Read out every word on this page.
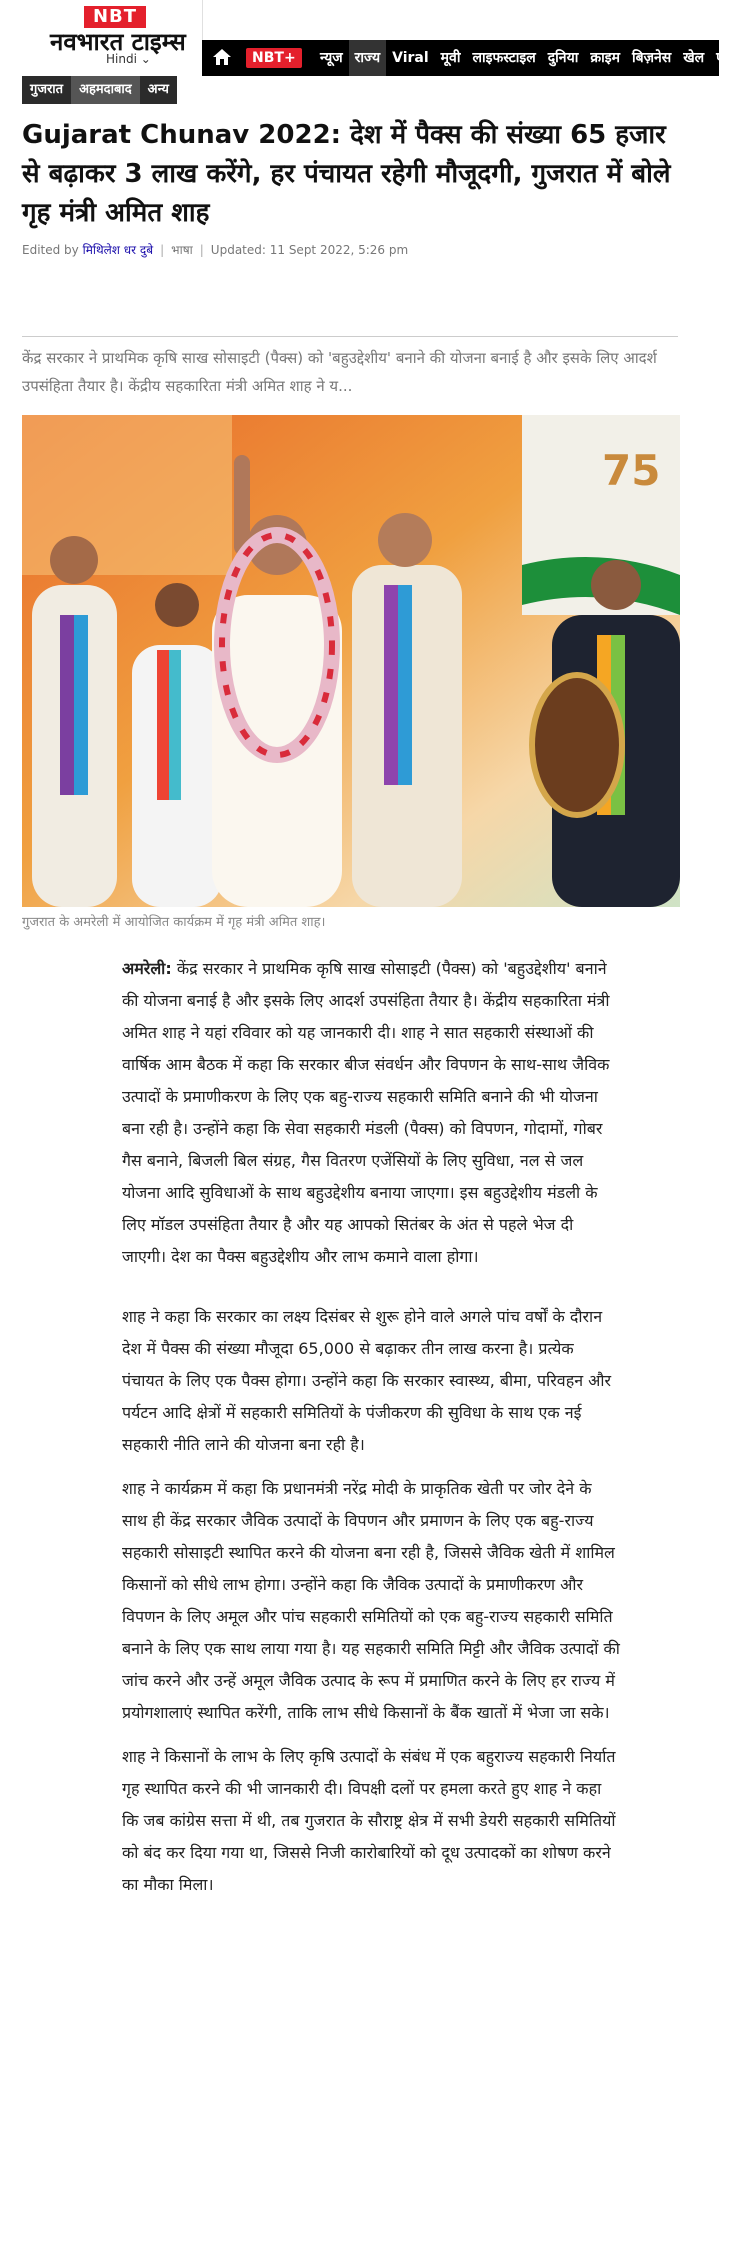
NBT
नवभारत टाइम्स
Hindi ⌄	NBT+	न्यूज राज्य Viral मूवी लाइफस्टाइल दुनिया क्राइम बिज़नेस खेल ए
गुजरात	अहमदाबाद	अन्य
Gujarat Chunav 2022: देश में पैक्स की संख्या 65 हजार से बढ़ाकर 3 लाख करेंगे, हर पंचायत रहेगी मौजूदगी, गुजरात में बोले गृह मंत्री अमित शाह
Edited by मिथिलेश धर दुबे | भाषा | Updated: 11 Sept 2022, 5:26 pm

केंद्र सरकार ने प्राथमिक कृषि साख सोसाइटी (पैक्स) को 'बहुउद्देशीय' बनाने की योजना बनाई है और इसके लिए आदर्श उपसंहिता तैयार है। केंद्रीय सहकारिता मंत्री अमित शाह ने य...

75
गुजरात के अमरेली में आयोजित कार्यक्रम में गृह मंत्री अमित शाह।

अमरेली: केंद्र सरकार ने प्राथमिक कृषि साख सोसाइटी (पैक्स) को 'बहुउद्देशीय' बनाने की योजना बनाई है और इसके लिए आदर्श उपसंहिता तैयार है। केंद्रीय सहकारिता मंत्री अमित शाह ने यहां रविवार को यह जानकारी दी। शाह ने सात सहकारी संस्थाओं की वार्षिक आम बैठक में कहा कि सरकार बीज संवर्धन और विपणन के साथ-साथ जैविक उत्पादों के प्रमाणीकरण के लिए एक बहु-राज्य सहकारी समिति बनाने की भी योजना बना रही है। उन्होंने कहा कि सेवा सहकारी मंडली (पैक्स) को विपणन, गोदामों, गोबर गैस बनाने, बिजली बिल संग्रह, गैस वितरण एजेंसियों के लिए सुविधा, नल से जल योजना आदि सुविधाओं के साथ बहुउद्देशीय बनाया जाएगा। इस बहुउद्देशीय मंडली के लिए मॉडल उपसंहिता तैयार है और यह आपको सितंबर के अंत से पहले भेज दी जाएगी। देश का पैक्स बहुउद्देशीय और लाभ कमाने वाला होगा।

शाह ने कहा कि सरकार का लक्ष्य दिसंबर से शुरू होने वाले अगले पांच वर्षों के दौरान देश में पैक्स की संख्या मौजूदा 65,000 से बढ़ाकर तीन लाख करना है। प्रत्येक पंचायत के लिए एक पैक्स होगा। उन्होंने कहा कि सरकार स्वास्थ्य, बीमा, परिवहन और पर्यटन आदि क्षेत्रों में सहकारी समितियों के पंजीकरण की सुविधा के साथ एक नई सहकारी नीति लाने की योजना बना रही है।

शाह ने कार्यक्रम में कहा कि प्रधानमंत्री नरेंद्र मोदी के प्राकृतिक खेती पर जोर देने के साथ ही केंद्र सरकार जैविक उत्पादों के विपणन और प्रमाणन के लिए एक बहु-राज्य सहकारी सोसाइटी स्थापित करने की योजना बना रही है, जिससे जैविक खेती में शामिल किसानों को सीधे लाभ होगा। उन्होंने कहा कि जैविक उत्पादों के प्रमाणीकरण और विपणन के लिए अमूल और पांच सहकारी समितियों को एक बहु-राज्य सहकारी समिति बनाने के लिए एक साथ लाया गया है। यह सहकारी समिति मिट्टी और जैविक उत्पादों की जांच करने और उन्हें अमूल जैविक उत्पाद के रूप में प्रमाणित करने के लिए हर राज्य में प्रयोगशालाएं स्थापित करेंगी, ताकि लाभ सीधे किसानों के बैंक खातों में भेजा जा सके।

शाह ने किसानों के लाभ के लिए कृषि उत्पादों के संबंध में एक बहुराज्य सहकारी निर्यात गृह स्थापित करने की भी जानकारी दी। विपक्षी दलों पर हमला करते हुए शाह ने कहा कि जब कांग्रेस सत्ता में थी, तब गुजरात के सौराष्ट्र क्षेत्र में सभी डेयरी सहकारी समितियों को बंद कर दिया गया था, जिससे निजी कारोबारियों को दूध उत्पादकों का शोषण करने का मौका मिला।
